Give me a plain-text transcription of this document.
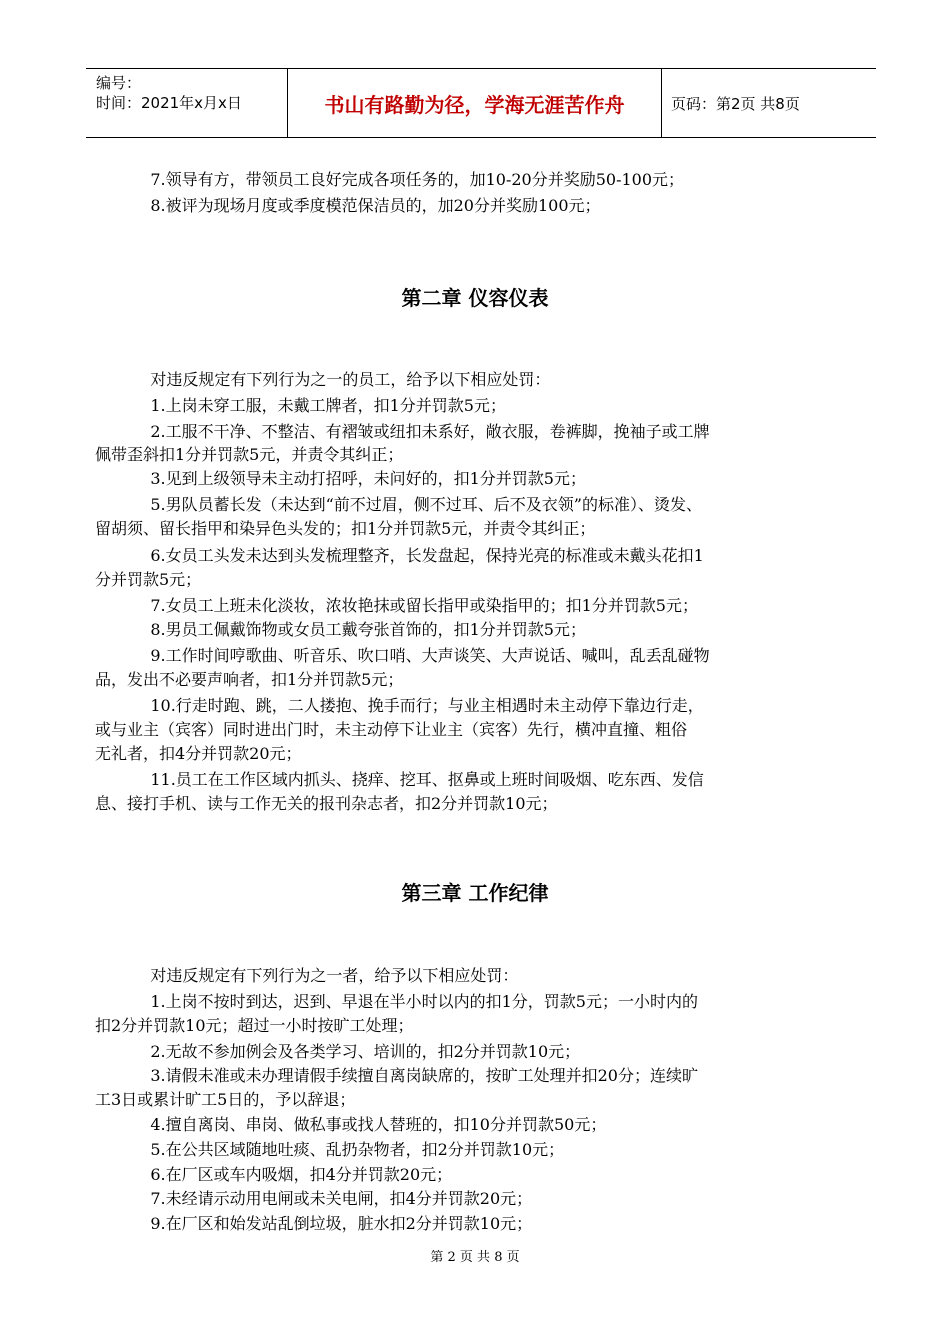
编号：
时间：2021年x月x日	书山有路勤为径，学海无涯苦作舟	页码：第2页 共8页
7.领导有方，带领员工良好完成各项任务的，加10-20分并奖励50-100元；
8.被评为现场月度或季度模范保洁员的，加20分并奖励100元；
第二章 仪容仪表
对违反规定有下列行为之一的员工，给予以下相应处罚：
1.上岗未穿工服，未戴工牌者，扣1分并罚款5元；
2.工服不干净、不整洁、有褶皱或纽扣未系好，敞衣服，卷裤脚，挽袖子或工牌
佩带歪斜扣1分并罚款5元，并责令其纠正；
3.见到上级领导未主动打招呼，未问好的，扣1分并罚款5元；
5.男队员蓄长发（未达到“前不过眉，侧不过耳、后不及衣领”的标准）、烫发、
留胡须、留长指甲和染异色头发的；扣1分并罚款5元，并责令其纠正；
6.女员工头发未达到头发梳理整齐，长发盘起，保持光亮的标准或未戴头花扣1
分并罚款5元；
7.女员工上班未化淡妆，浓妆艳抹或留长指甲或染指甲的；扣1分并罚款5元；
8.男员工佩戴饰物或女员工戴夸张首饰的，扣1分并罚款5元；
9.工作时间哼歌曲、听音乐、吹口哨、大声谈笑、大声说话、喊叫，乱丢乱碰物
品，发出不必要声响者，扣1分并罚款5元；
10.行走时跑、跳，二人搂抱、挽手而行；与业主相遇时未主动停下靠边行走，
或与业主（宾客）同时进出门时，未主动停下让业主（宾客）先行，横冲直撞、粗俗
无礼者，扣4分并罚款20元；
11.员工在工作区域内抓头、挠痒、挖耳、抠鼻或上班时间吸烟、吃东西、发信
息、接打手机、读与工作无关的报刊杂志者，扣2分并罚款10元；
第三章 工作纪律
对违反规定有下列行为之一者，给予以下相应处罚：
1.上岗不按时到达，迟到、早退在半小时以内的扣1分，罚款5元；一小时内的
扣2分并罚款10元；超过一小时按旷工处理；
2.无故不参加例会及各类学习、培训的，扣2分并罚款10元；
3.请假未准或未办理请假手续擅自离岗缺席的，按旷工处理并扣20分；连续旷
工3日或累计旷工5日的，予以辞退；
4.擅自离岗、串岗、做私事或找人替班的，扣10分并罚款50元；
5.在公共区域随地吐痰、乱扔杂物者，扣2分并罚款10元；
6.在厂区或车内吸烟，扣4分并罚款20元；
7.未经请示动用电闸或未关电闸，扣4分并罚款20元；
9.在厂区和始发站乱倒垃圾，脏水扣2分并罚款10元；
第 2 页 共 8 页
